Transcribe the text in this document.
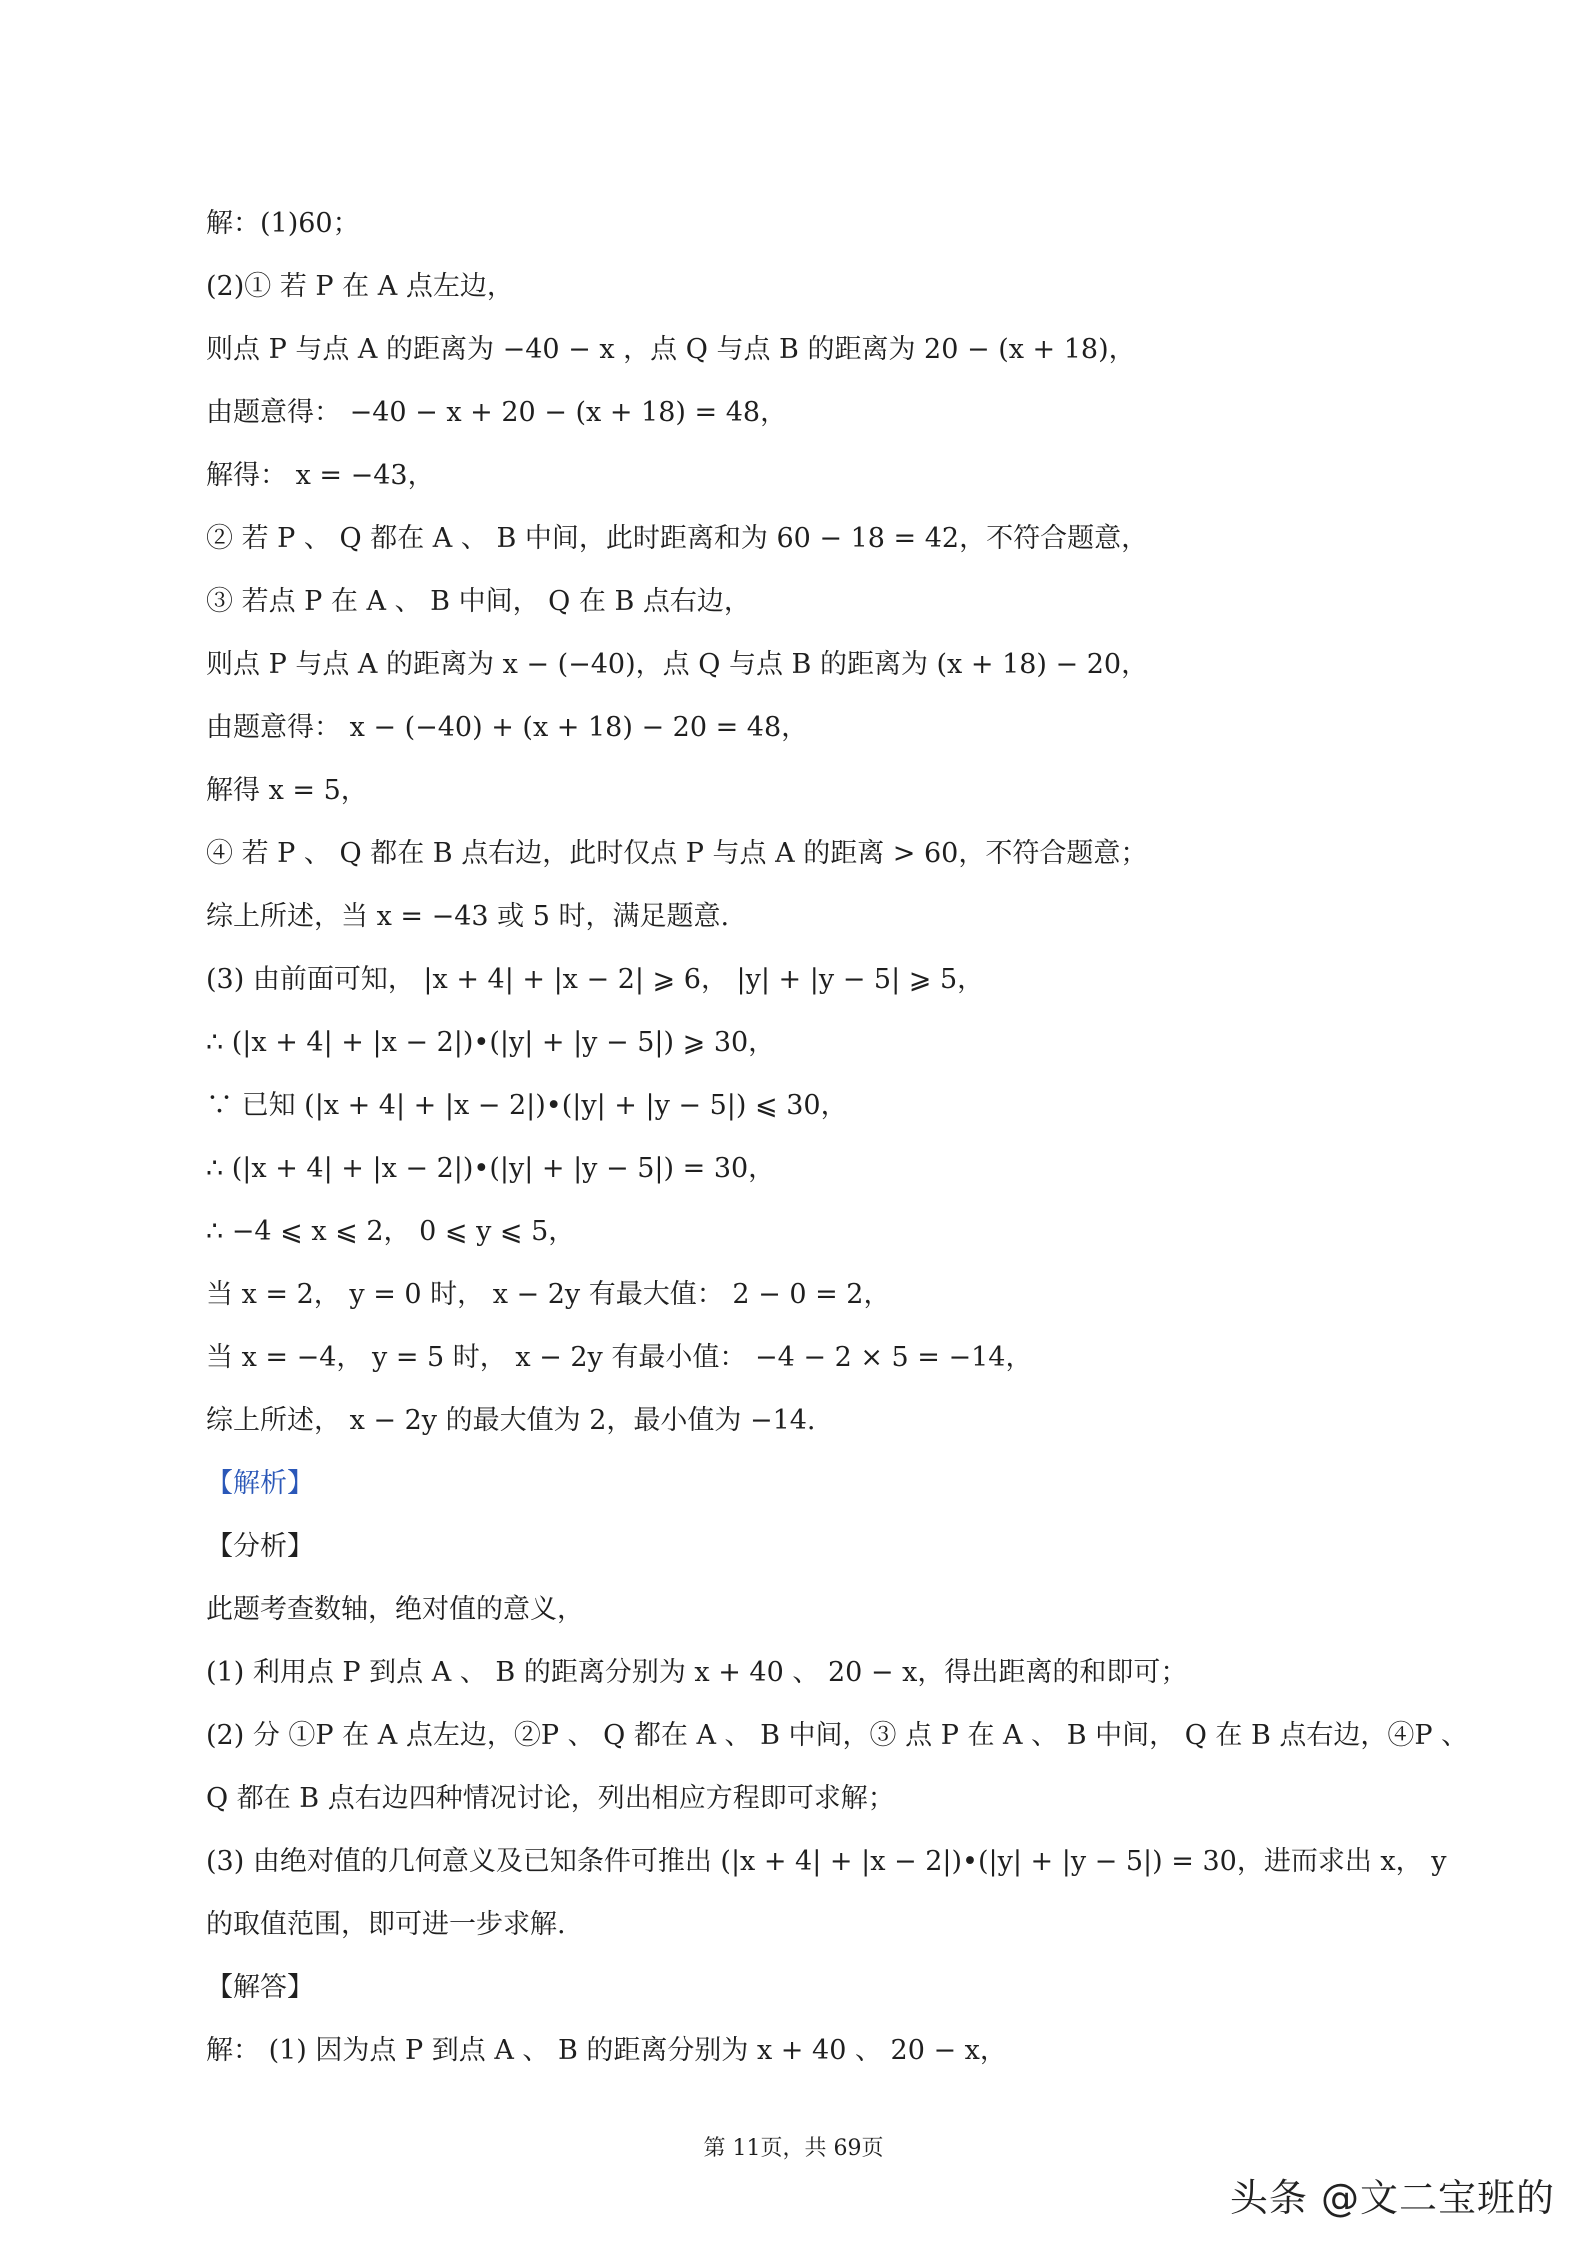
解：(1)60；
(2)① 若 P 在 A 点左边，
则点 P 与点 A 的距离为 −40 − x ，点 Q 与点 B 的距离为 20 − (x + 18)，
由题意得： −40 − x + 20 − (x + 18) = 48，
解得： x = −43，
② 若 P 、 Q 都在 A 、 B 中间，此时距离和为 60 − 18 = 42，不符合题意，
③ 若点 P 在 A 、 B 中间， Q 在 B 点右边，
则点 P 与点 A 的距离为 x − (−40)，点 Q 与点 B 的距离为 (x + 18) − 20，
由题意得： x − (−40) + (x + 18) − 20 = 48，
解得 x = 5，
④ 若 P 、 Q 都在 B 点右边，此时仅点 P 与点 A 的距离 > 60，不符合题意；
综上所述，当 x = −43 或 5 时，满足题意.
(3) 由前面可知， |x + 4| + |x − 2| ⩾ 6， |y| + |y − 5| ⩾ 5，
∴ (|x + 4| + |x − 2|)•(|y| + |y − 5|) ⩾ 30，
∵ 已知 (|x + 4| + |x − 2|)•(|y| + |y − 5|) ⩽ 30，
∴ (|x + 4| + |x − 2|)•(|y| + |y − 5|) = 30，
∴ −4 ⩽ x ⩽ 2， 0 ⩽ y ⩽ 5，
当 x = 2， y = 0 时， x − 2y 有最大值： 2 − 0 = 2，
当 x = −4， y = 5 时， x − 2y 有最小值： −4 − 2 × 5 = −14，
综上所述， x − 2y 的最大值为 2，最小值为 −14.
【解析】
【分析】
此题考查数轴，绝对值的意义，
(1) 利用点 P 到点 A 、 B 的距离分别为 x + 40 、 20 − x，得出距离的和即可；
(2) 分 ①P 在 A 点左边，②P 、 Q 都在 A 、 B 中间，③ 点 P 在 A 、 B 中间， Q 在 B 点右边，④P 、
Q 都在 B 点右边四种情况讨论，列出相应方程即可求解；
(3) 由绝对值的几何意义及已知条件可推出 (|x + 4| + |x − 2|)•(|y| + |y − 5|) = 30，进而求出 x， y
的取值范围，即可进一步求解.
【解答】
解： (1) 因为点 P 到点 A 、 B 的距离分别为 x + 40 、 20 − x，
第 11页，共 69页
头条 @文二宝班的
